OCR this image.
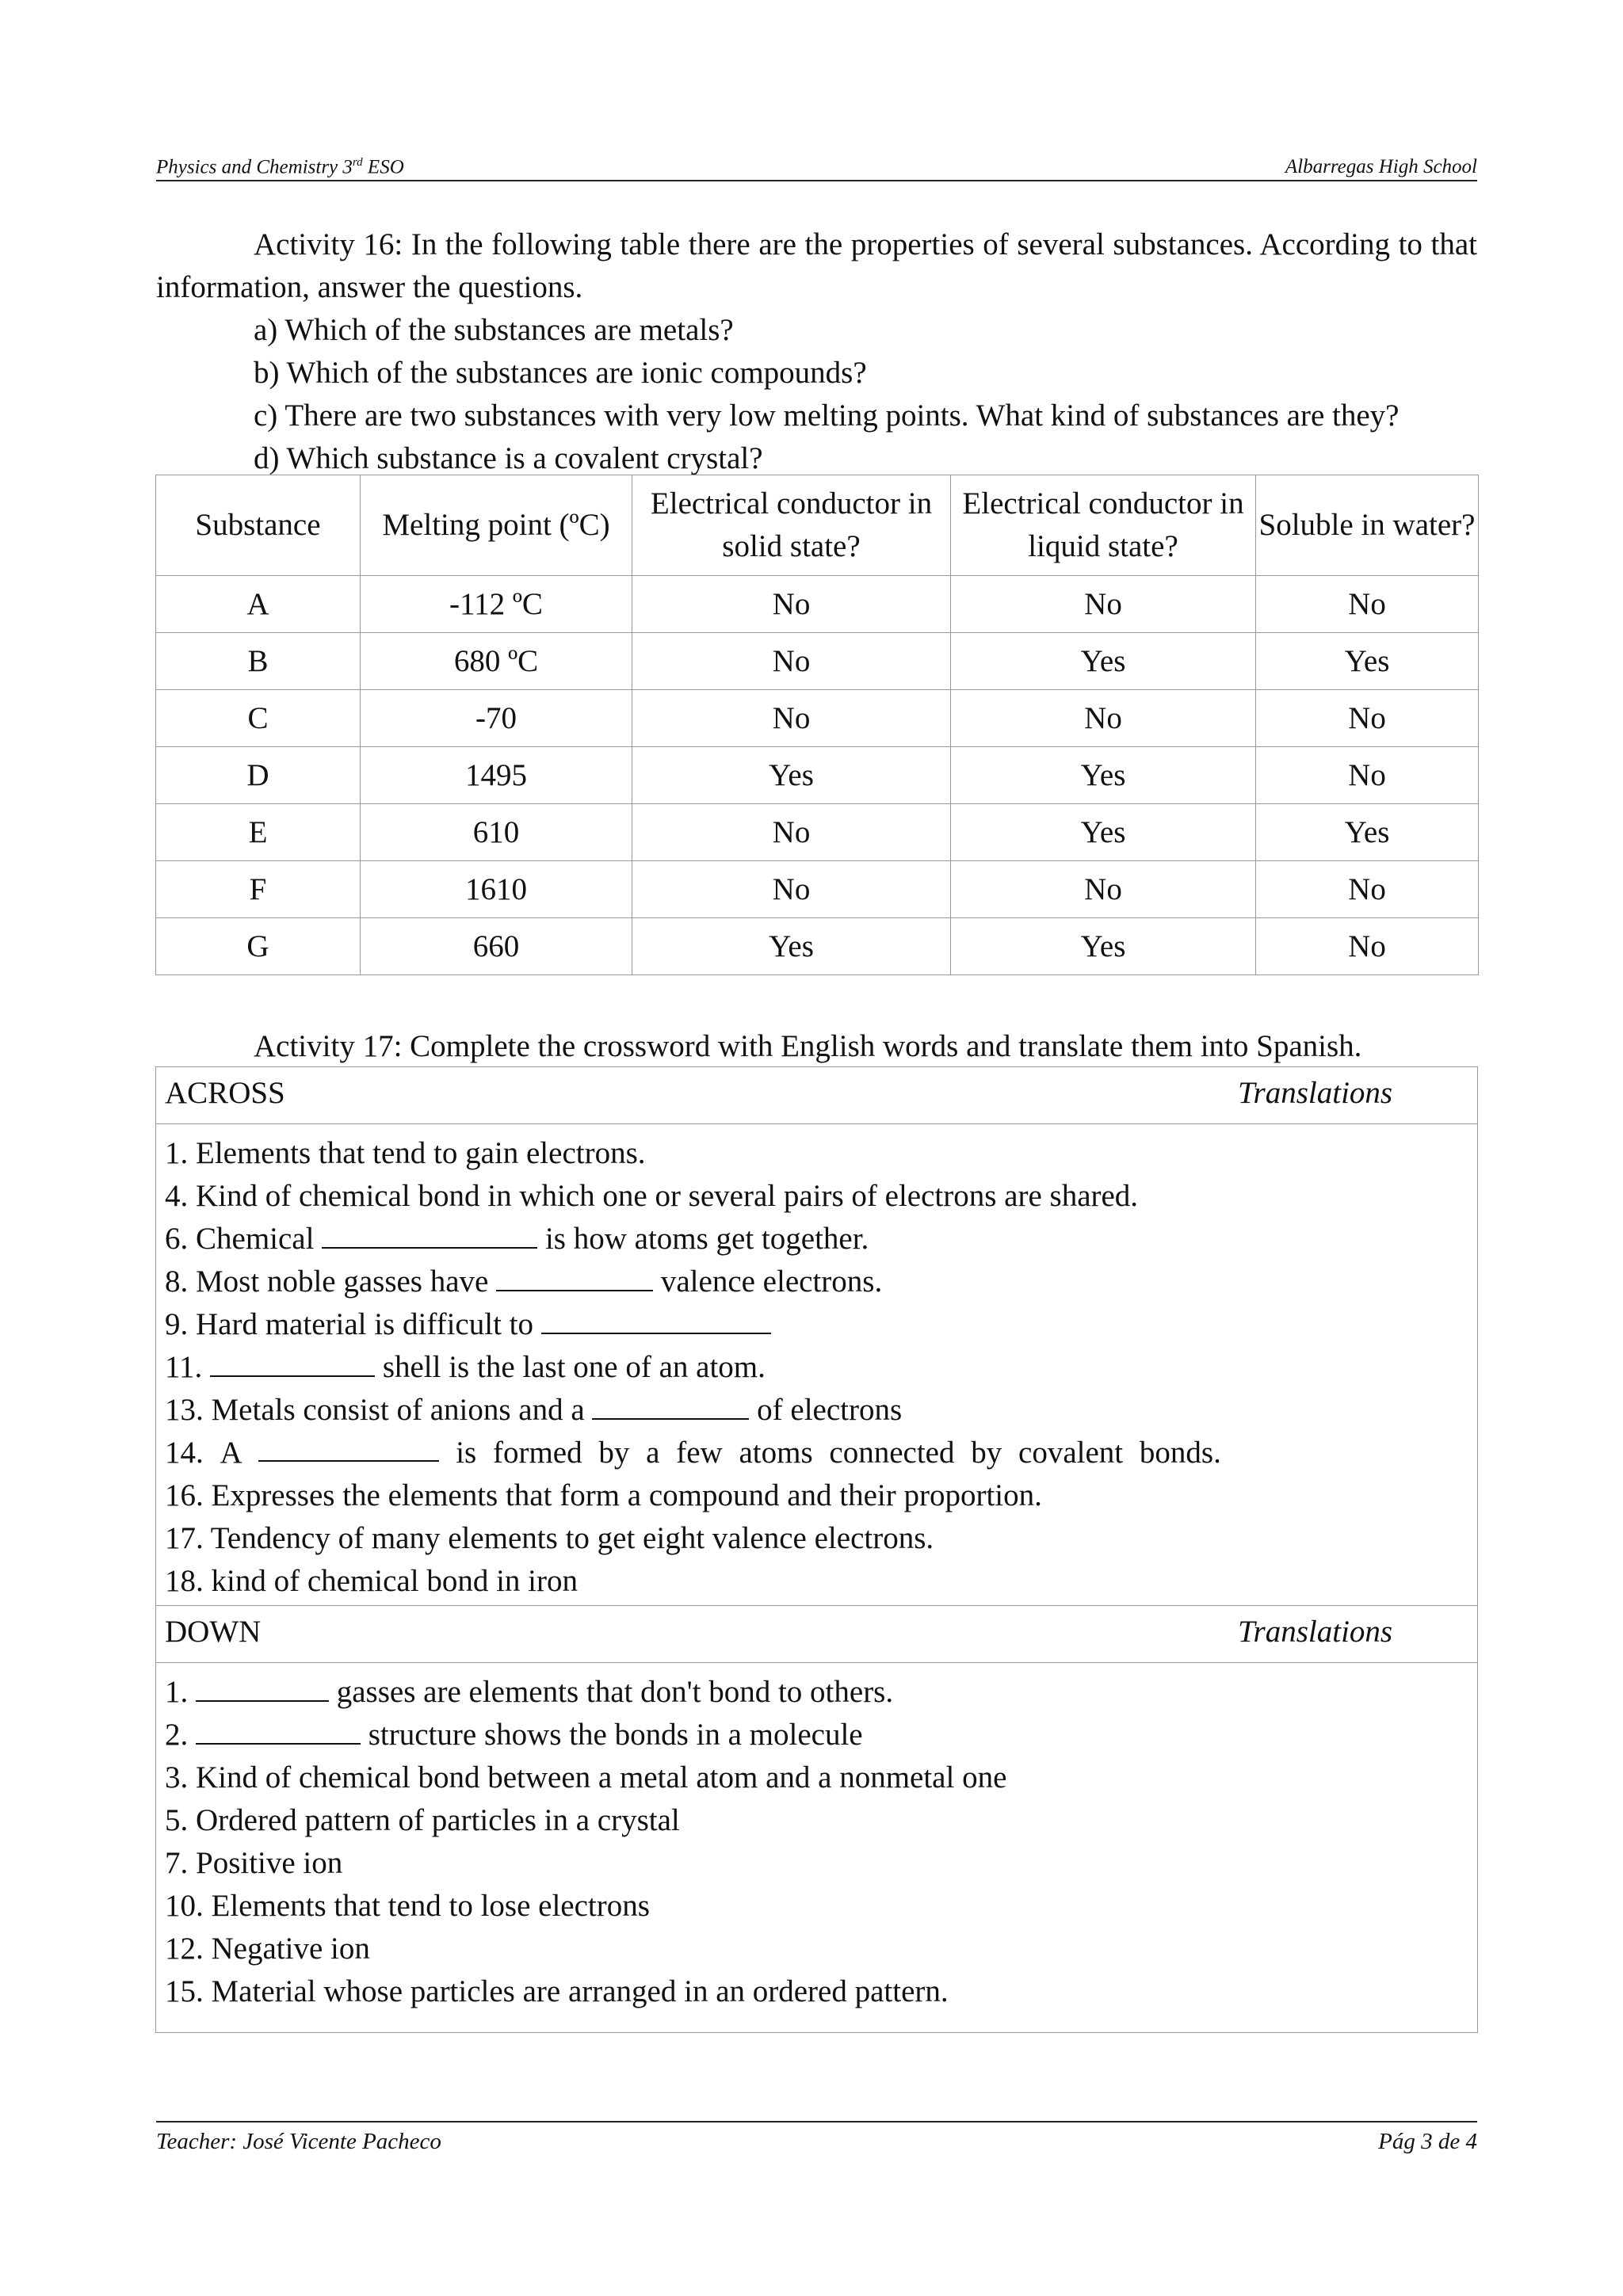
Physics and Chemistry 3rd ESO	Albarregas High School

Activity 16: In the following table there are the properties of several substances. According to that information, answer the questions.

a) Which of the substances are metals?

b) Which of the substances are ionic compounds?

c) There are two substances with very low melting points. What kind of substances are they?

d) Which substance is a covalent crystal?

Substance	Melting point (ºC)	Electrical conductor in solid state?	Electrical conductor in liquid state?	Soluble in water?
A	-112 ºC	No	No	No
B	680 ºC	No	Yes	Yes
C	-70	No	No	No
D	1495	Yes	Yes	No
E	610	No	Yes	Yes
F	1610	No	No	No
G	660	Yes	Yes	No
Activity 17: Complete the crossword with English words and translate them into Spanish.
ACROSS	Translations
1. Elements that tend to gain electrons.
4. Kind of chemical bond in which one or several pairs of electrons are shared.
6. Chemical	is how atoms get together.
8. Most noble gasses have	valence electrons.
9. Hard material is difficult to
11.	shell is the last one of an atom.
13. Metals consist of anions and a	of electrons
14. A	is formed by a few atoms connected by covalent bonds.
16. Expresses the elements that form a compound and their proportion.
17. Tendency of many elements to get eight valence electrons.
18. kind of chemical bond in iron
DOWN	Translations
1.	gasses are elements that don't bond to others.
2.	structure shows the bonds in a molecule
3. Kind of chemical bond between a metal atom and a nonmetal one
5. Ordered pattern of particles in a crystal
7. Positive ion
10. Elements that tend to lose electrons
12. Negative ion
15. Material whose particles are arranged in an ordered pattern.
Teacher: José Vicente Pacheco	Pág 3 de 4
